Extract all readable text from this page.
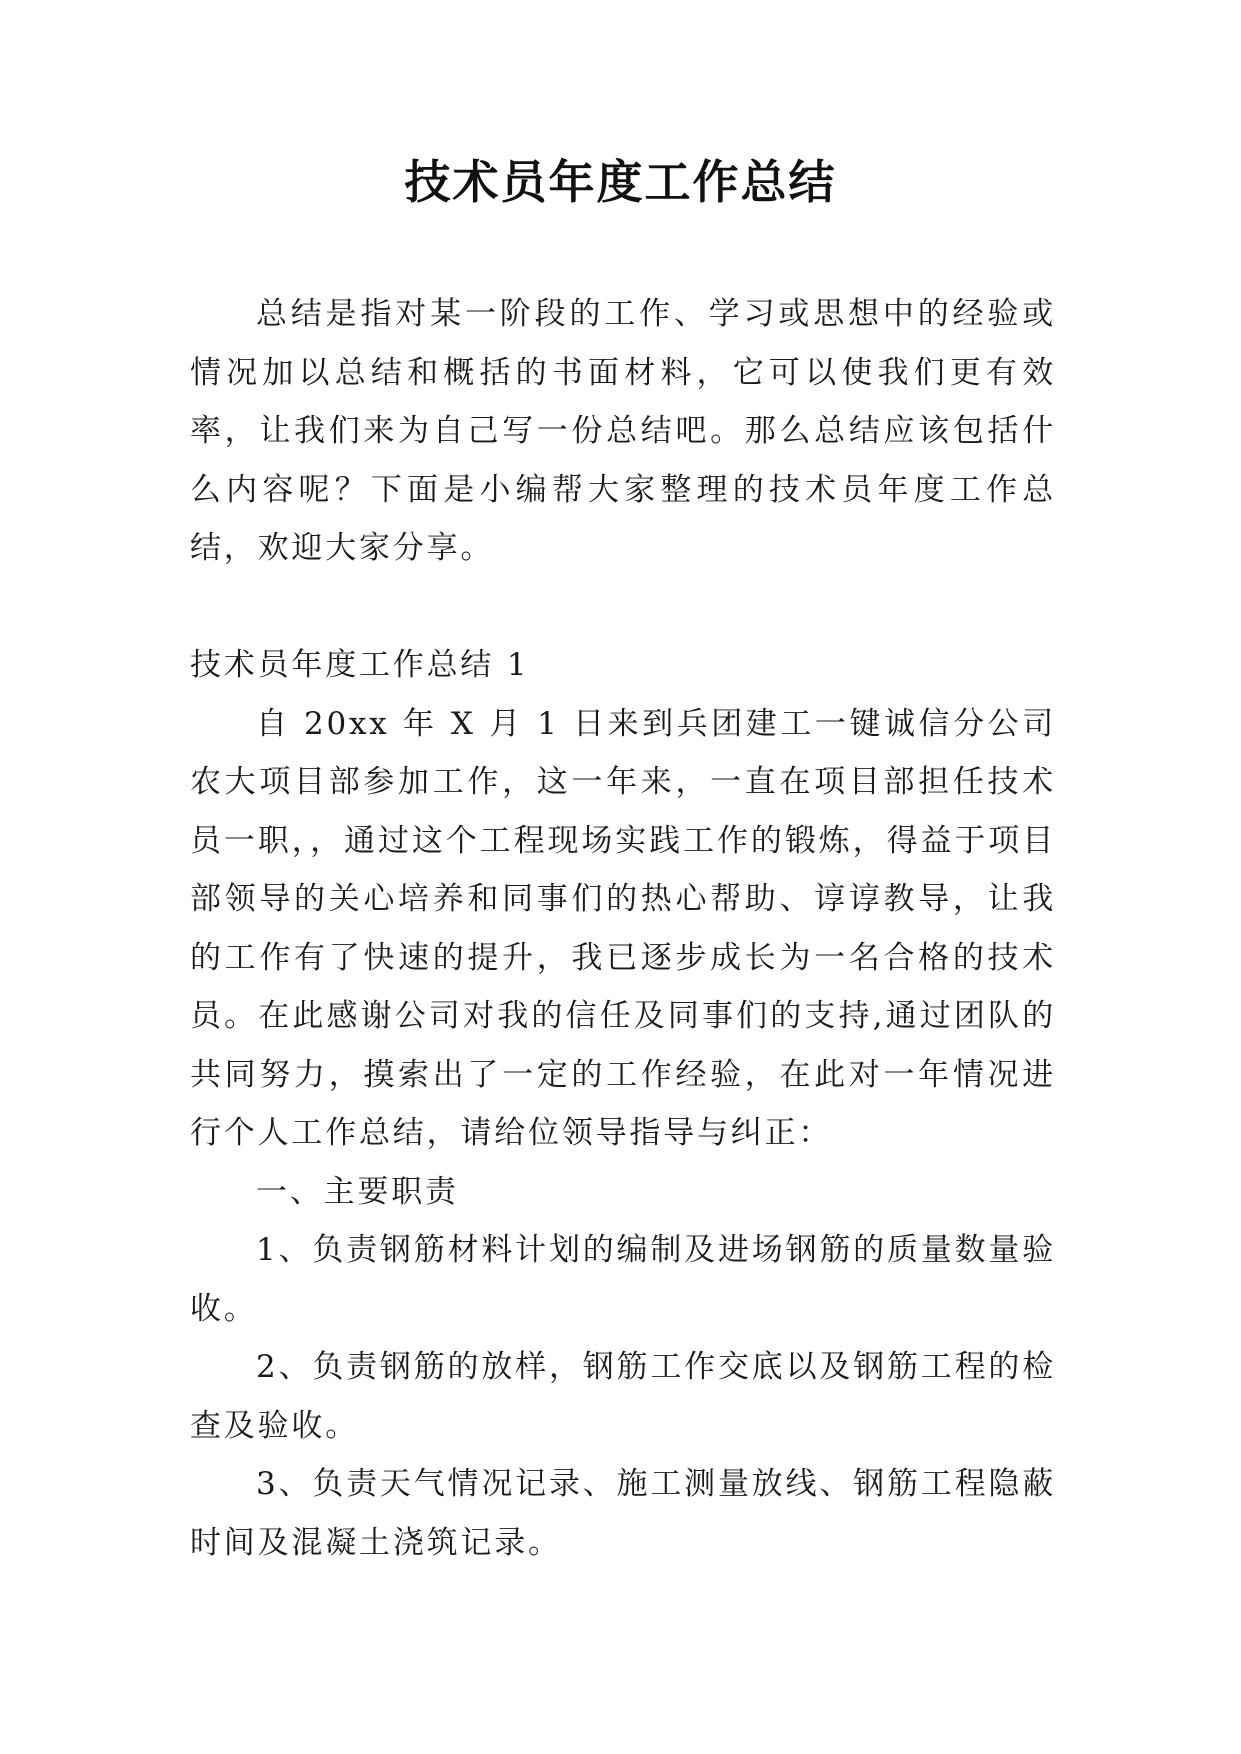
技术员年度工作总结

总结是指对某一阶段的工作、学习或思想中的经验或情况加以总结和概括的书面材料，它可以使我们更有效率，让我们来为自己写一份总结吧。那么总结应该包括什么内容呢？下面是小编帮大家整理的技术员年度工作总结，欢迎大家分享。

技术员年度工作总结 1

自 20xx 年 X 月 1 日来到兵团建工一键诚信分公司农大项目部参加工作，这一年来，一直在项目部担任技术员一职，，通过这个工程现场实践工作的锻炼，得益于项目部领导的关心培养和同事们的热心帮助、谆谆教导，让我的工作有了快速的提升，我已逐步成长为一名合格的技术员。在此感谢公司对我的信任及同事们的支持,通过团队的共同努力，摸索出了一定的工作经验，在此对一年情况进行个人工作总结，请给位领导指导与纠正：

一、主要职责

1、负责钢筋材料计划的编制及进场钢筋的质量数量验收。

2、负责钢筋的放样，钢筋工作交底以及钢筋工程的检查及验收。

3、负责天气情况记录、施工测量放线、钢筋工程隐蔽时间及混凝土浇筑记录。
